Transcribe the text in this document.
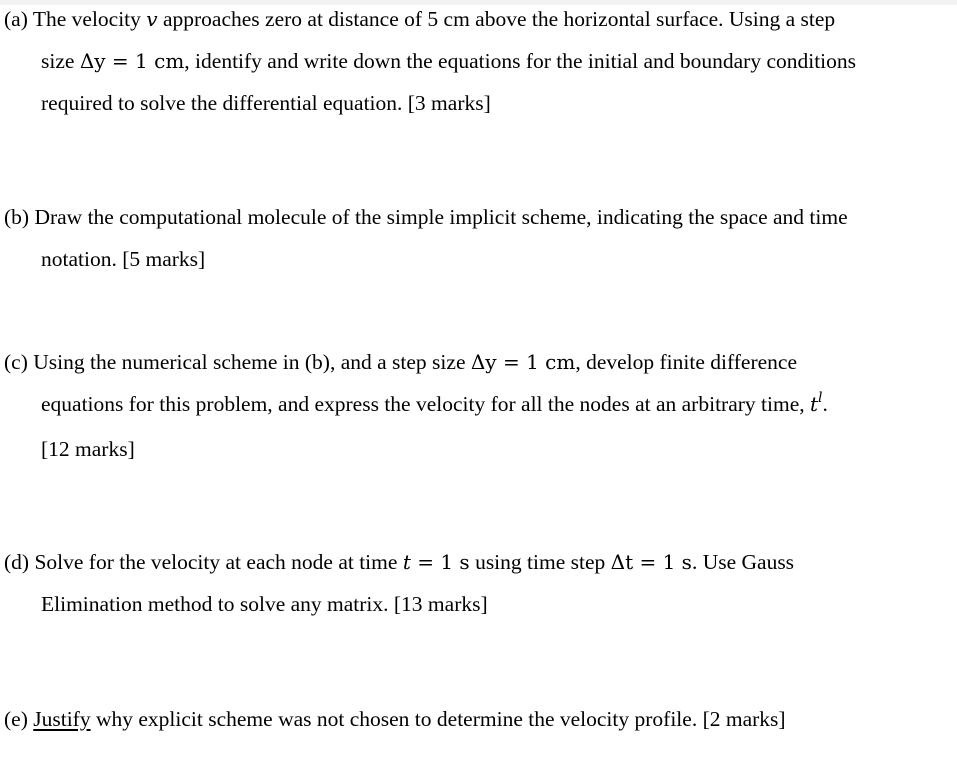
(a) The velocity v approaches zero at distance of 5 cm above the horizontal surface. Using a step
size Δy = 1 cm, identify and write down the equations for the initial and boundary conditions
required to solve the differential equation. [3 marks]
(b) Draw the computational molecule of the simple implicit scheme, indicating the space and time
notation. [5 marks]
(c) Using the numerical scheme in (b), and a step size Δy = 1 cm, develop finite difference
equations for this problem, and express the velocity for all the nodes at an arbitrary time, $t^l$.
[12 marks]
(d) Solve for the velocity at each node at time t = 1 s using time step Δt = 1 s. Use Gauss
Elimination method to solve any matrix. [13 marks]
(e) Justify why explicit scheme was not chosen to determine the velocity profile. [2 marks]
